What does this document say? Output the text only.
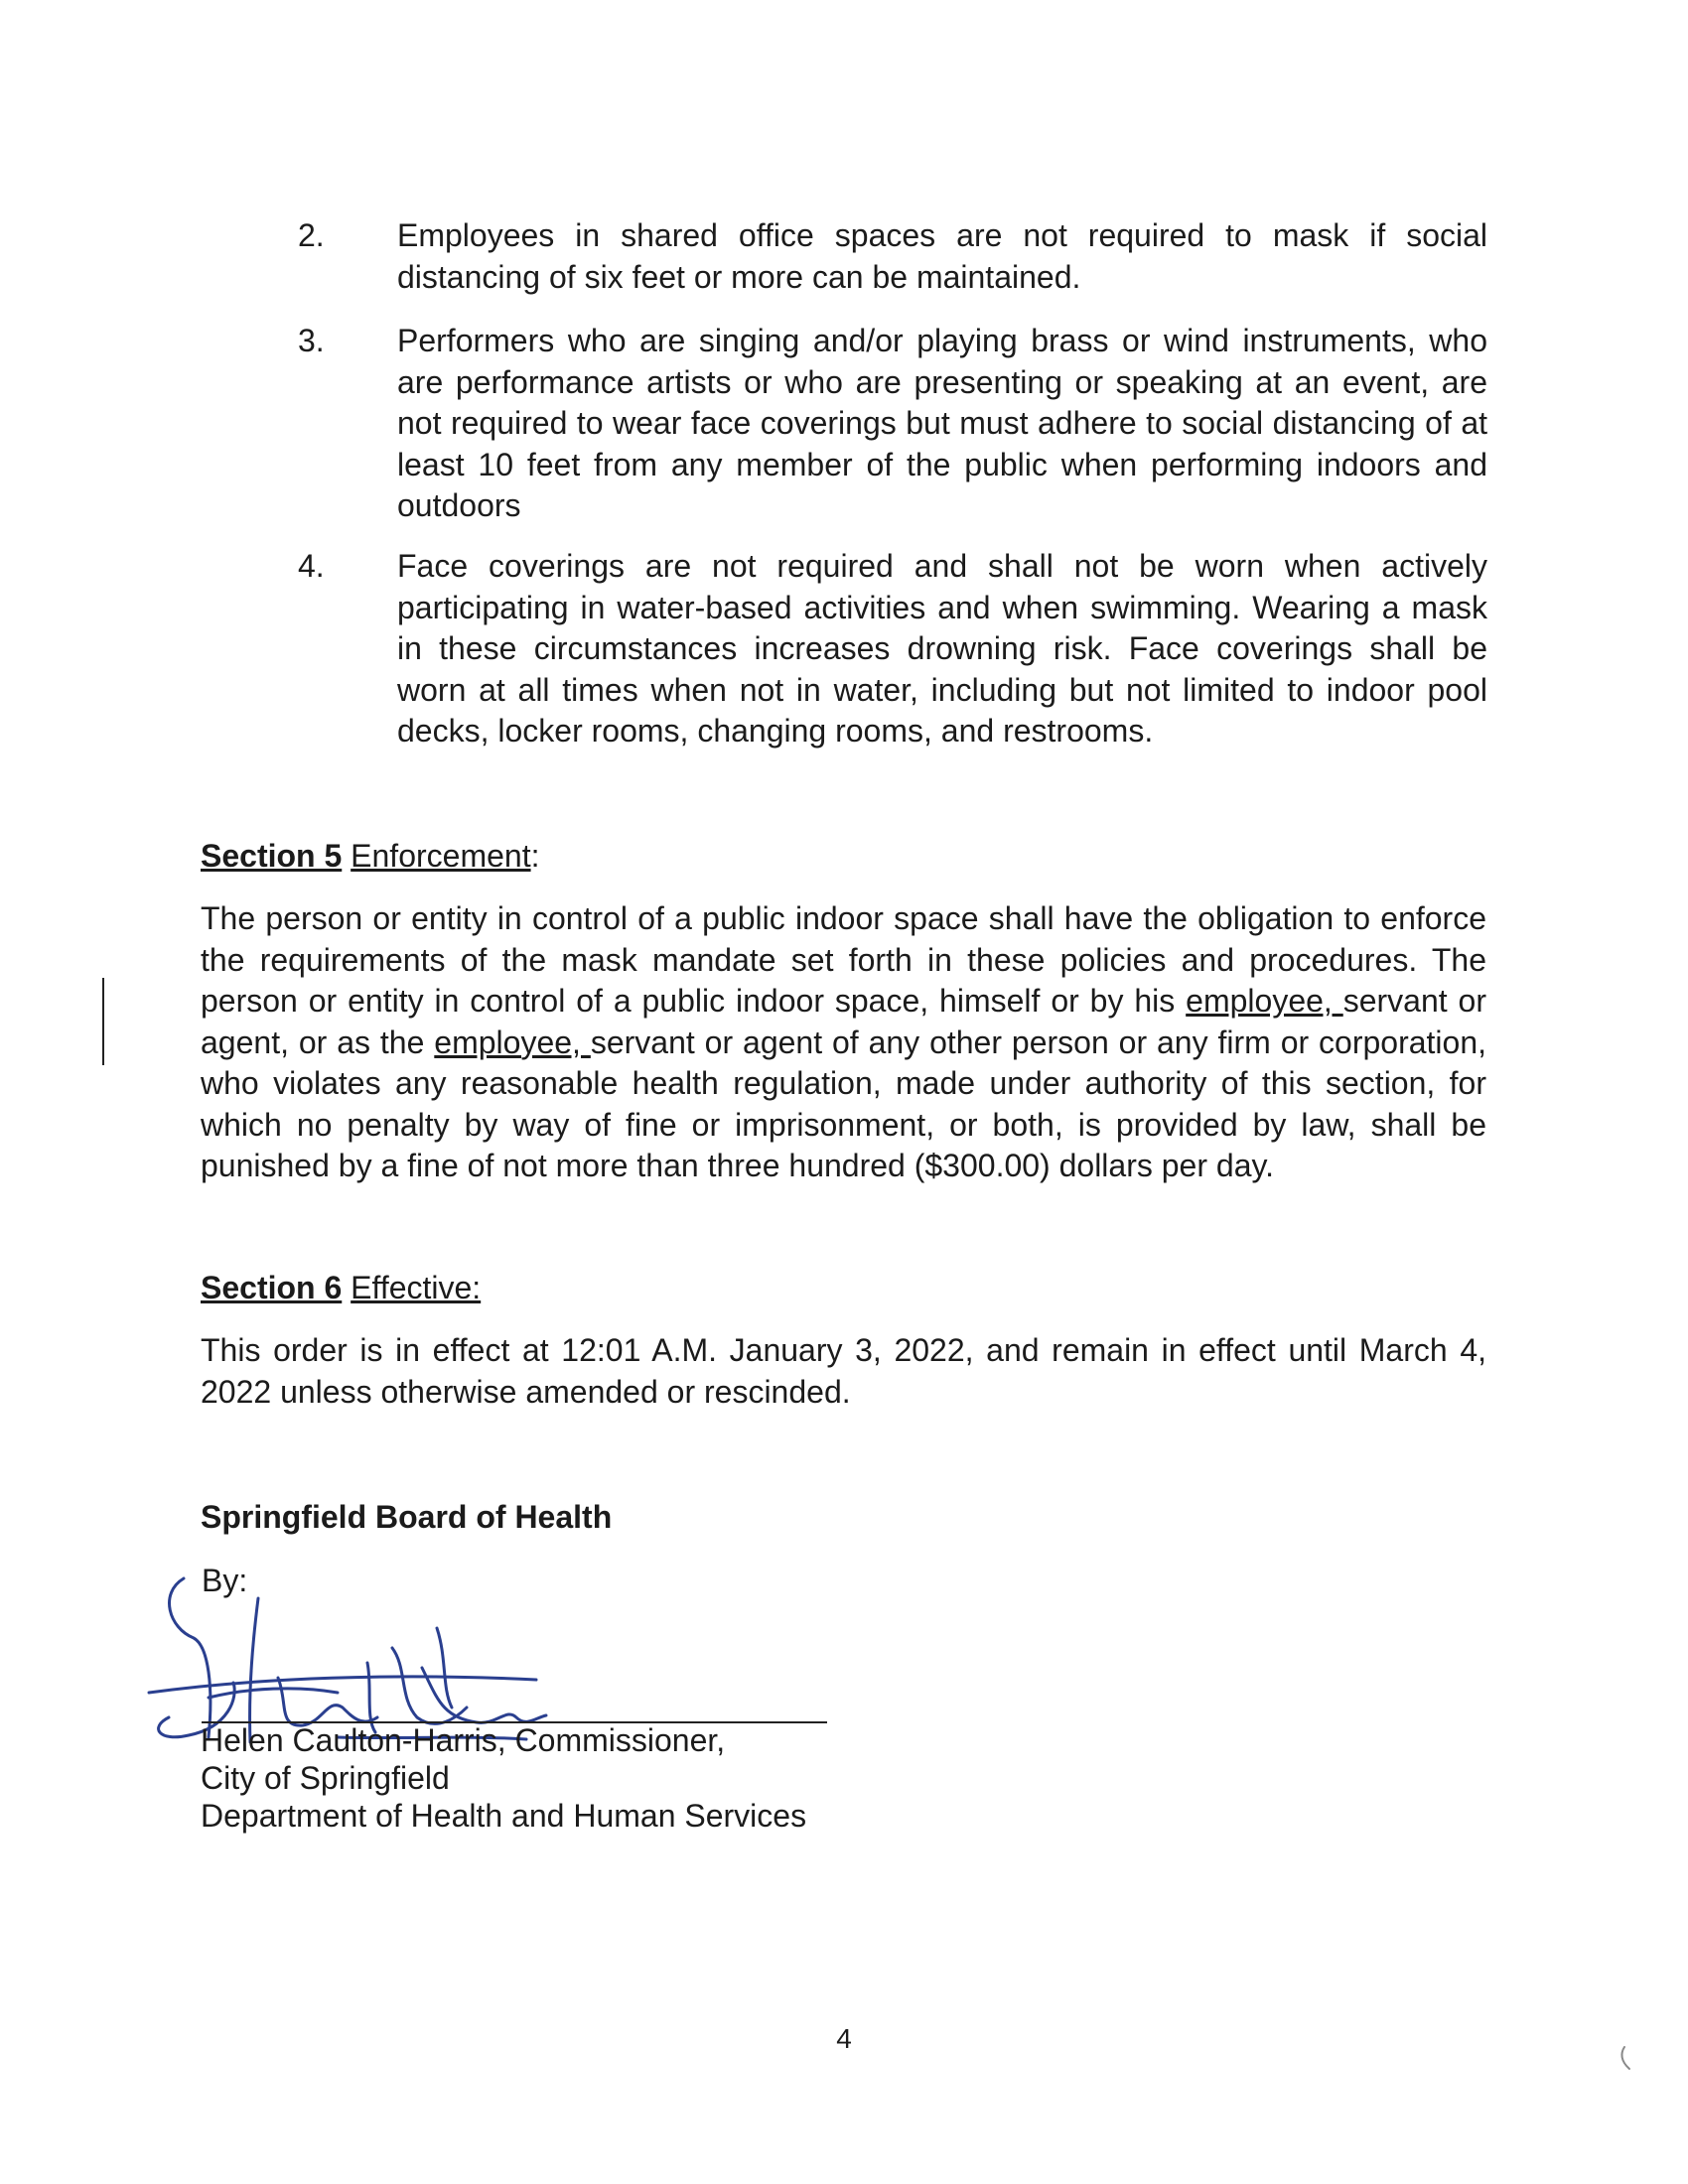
2. Employees in shared office spaces are not required to mask if social distancing of six feet or more can be maintained.
3. Performers who are singing and/or playing brass or wind instruments, who are performance artists or who are presenting or speaking at an event, are not required to wear face coverings but must adhere to social distancing of at least 10 feet from any member of the public when performing indoors and outdoors
4. Face coverings are not required and shall not be worn when actively participating in water-based activities and when swimming. Wearing a mask in these circumstances increases drowning risk. Face coverings shall be worn at all times when not in water, including but not limited to indoor pool decks, locker rooms, changing rooms, and restrooms.
Section 5 Enforcement:
The person or entity in control of a public indoor space shall have the obligation to enforce the requirements of the mask mandate set forth in these policies and procedures. The person or entity in control of a public indoor space, himself or by his employee, servant or agent, or as the employee, servant or agent of any other person or any firm or corporation, who violates any reasonable health regulation, made under authority of this section, for which no penalty by way of fine or imprisonment, or both, is provided by law, shall be punished by a fine of not more than three hundred ($300.00) dollars per day.
Section 6 Effective:
This order is in effect at 12:01 A.M. January 3, 2022, and remain in effect until March 4, 2022 unless otherwise amended or rescinded.
Springfield Board of Health
By:
Helen Caulton-Harris, Commissioner,
City of Springfield
Department of Health and Human Services
4
